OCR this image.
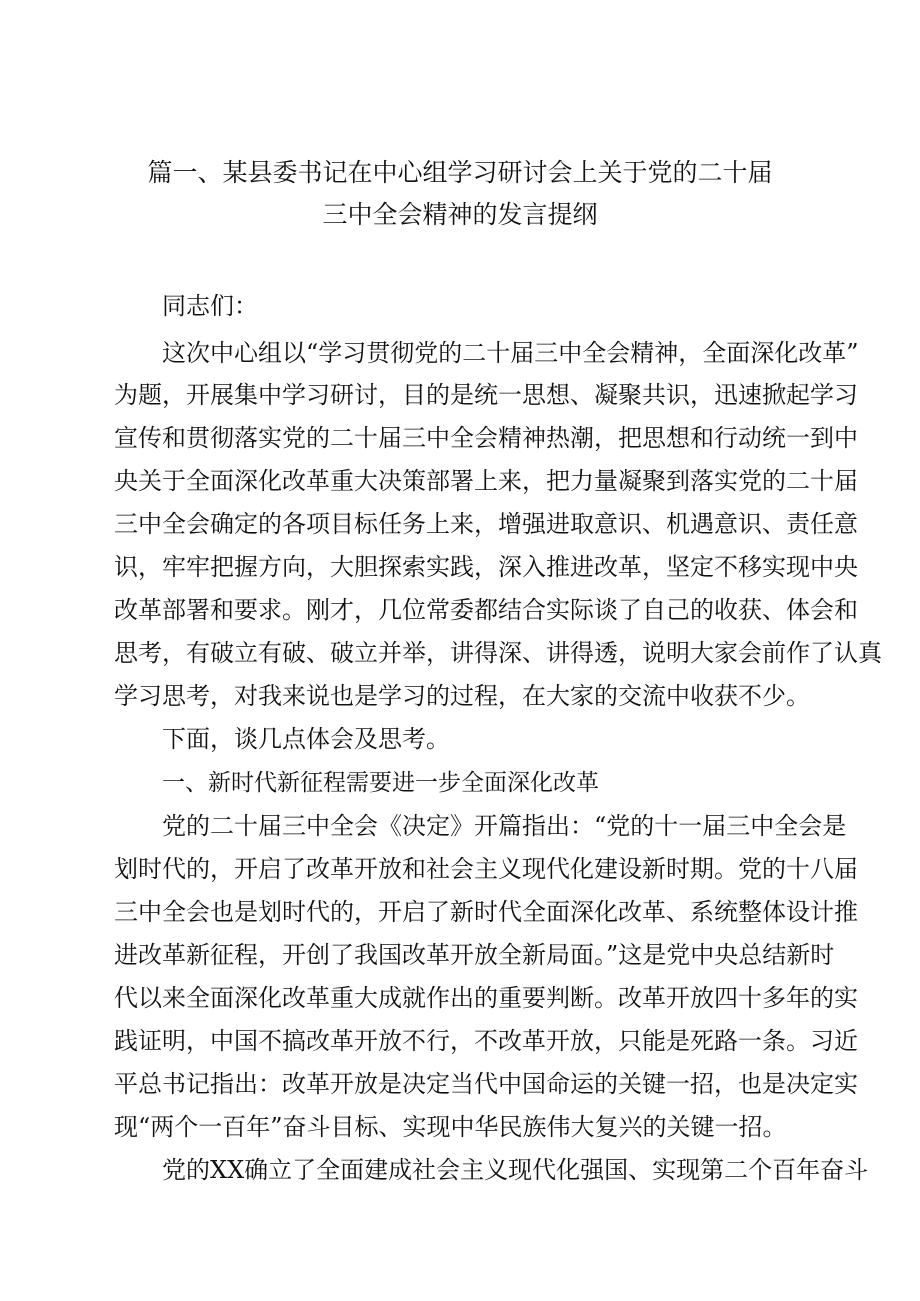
篇一、某县委书记在中心组学习研讨会上关于党的二十届
三中全会精神的发言提纲
同志们：
这次中心组以“学习贯彻党的二十届三中全会精神，全面深化改革”
为题，开展集中学习研讨，目的是统一思想、凝聚共识，迅速掀起学习
宣传和贯彻落实党的二十届三中全会精神热潮，把思想和行动统一到中
央关于全面深化改革重大决策部署上来，把力量凝聚到落实党的二十届
三中全会确定的各项目标任务上来，增强进取意识、机遇意识、责任意
识，牢牢把握方向，大胆探索实践，深入推进改革，坚定不移实现中央
改革部署和要求。刚才，几位常委都结合实际谈了自己的收获、体会和
思考，有破立有破、破立并举，讲得深、讲得透，说明大家会前作了认真
学习思考，对我来说也是学习的过程，在大家的交流中收获不少。
下面，谈几点体会及思考。
一、新时代新征程需要进一步全面深化改革
党的二十届三中全会《决定》开篇指出：“党的十一届三中全会是
划时代的，开启了改革开放和社会主义现代化建设新时期。党的十八届
三中全会也是划时代的，开启了新时代全面深化改革、系统整体设计推
进改革新征程，开创了我国改革开放全新局面。”这是党中央总结新时
代以来全面深化改革重大成就作出的重要判断。改革开放四十多年的实
践证明，中国不搞改革开放不行，不改革开放，只能是死路一条。习近
平总书记指出：改革开放是决定当代中国命运的关键一招，也是决定实
现“两个一百年”奋斗目标、实现中华民族伟大复兴的关键一招。
党的XX确立了全面建成社会主义现代化强国、实现第二个百年奋斗
